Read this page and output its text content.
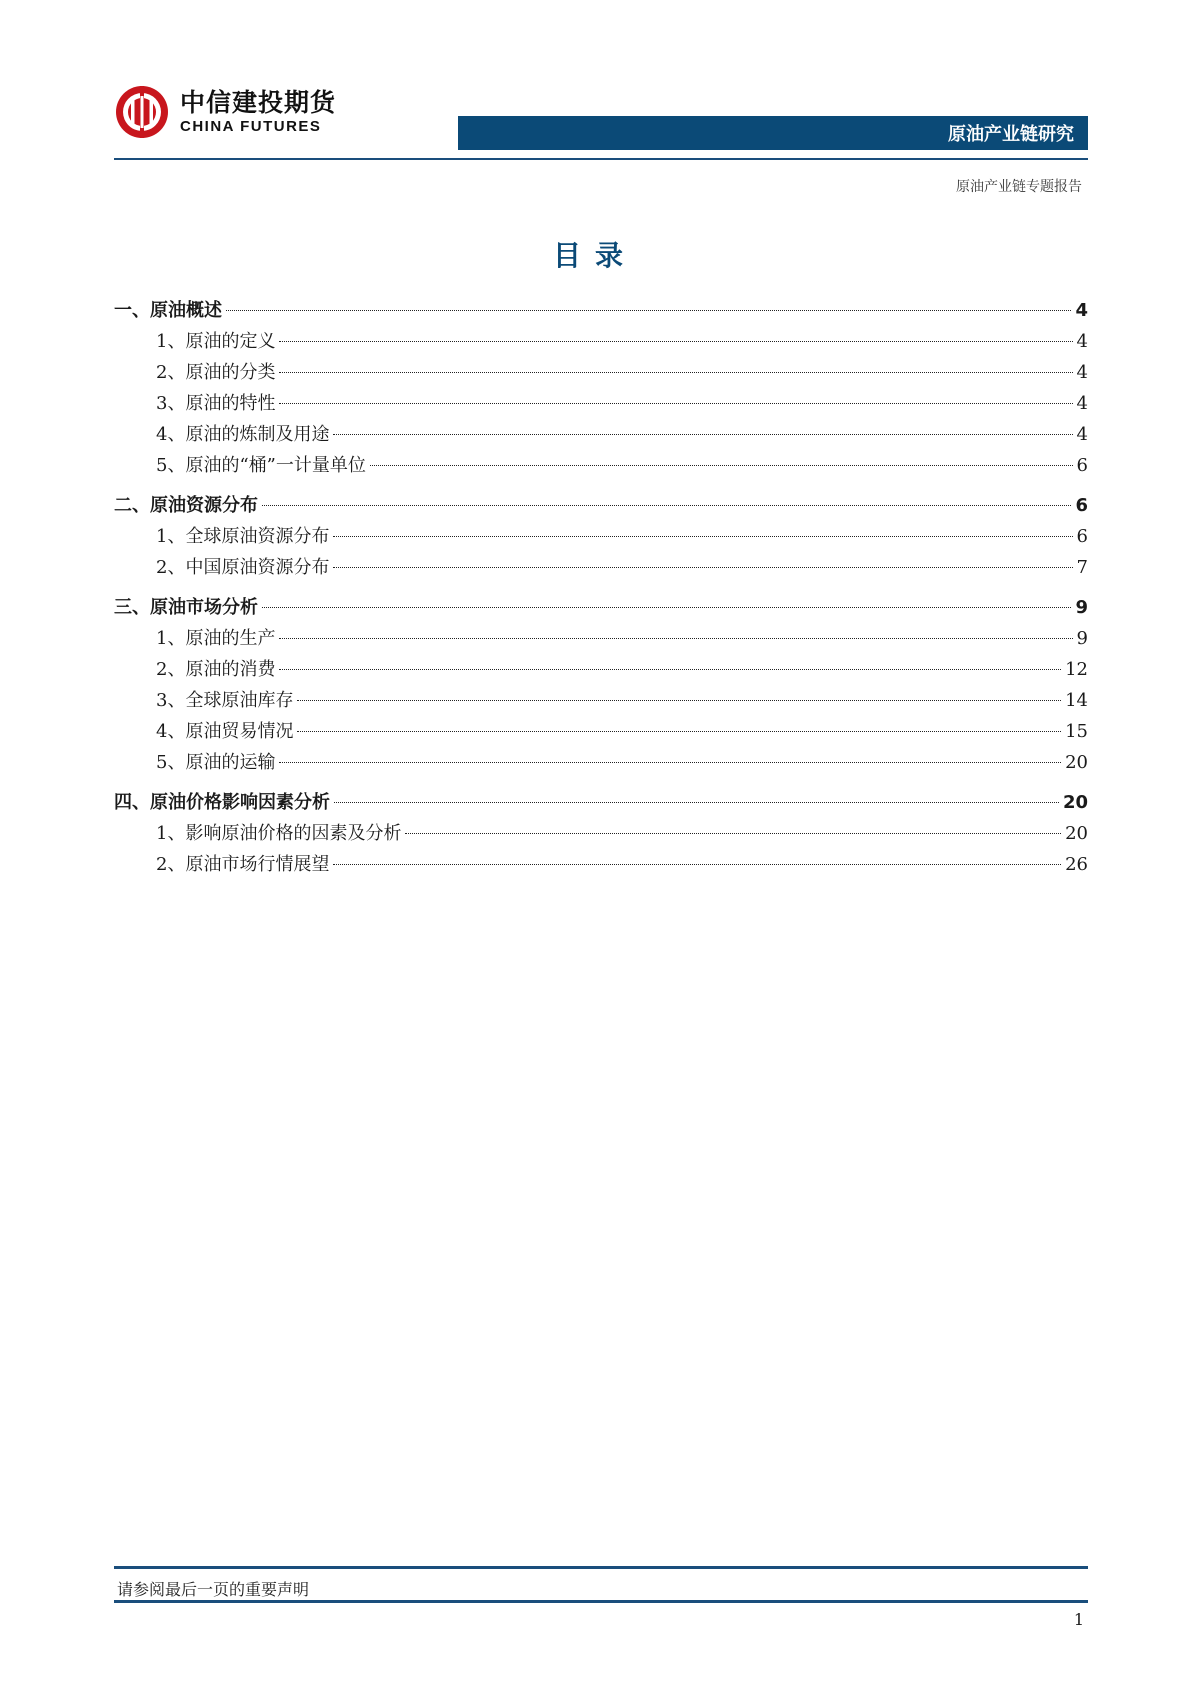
中信建投期货
CHINA FUTURES	原油产业链研究
原油产业链专题报告
目录
一、原油概述	4
1、原油的定义	4
2、原油的分类	4
3、原油的特性	4
4、原油的炼制及用途	4
5、原油的“桶”一计量单位	6
二、原油资源分布	6
1、全球原油资源分布	6
2、中国原油资源分布	7
三、原油市场分析	9
1、原油的生产	9
2、原油的消费	12
3、全球原油库存	14
4、原油贸易情况	15
5、原油的运输	20
四、原油价格影响因素分析	20
1、影响原油价格的因素及分析	20
2、原油市场行情展望	26
请参阅最后一页的重要声明
1
